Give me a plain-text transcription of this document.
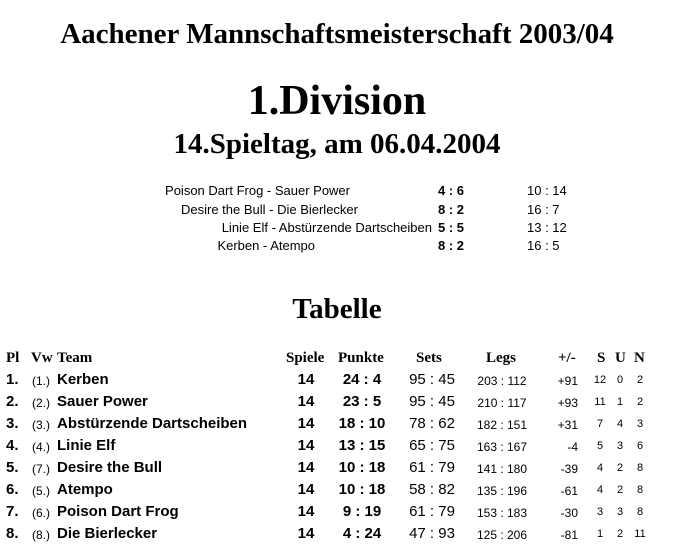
Aachener Mannschaftsmeisterschaft 2003/04
1.Division
14.Spieltag, am 06.04.2004
Poison Dart Frog - Sauer Power	4 : 6	10 : 14
Desire the Bull - Die Bierlecker	8 : 2	16 : 7
Linie Elf - Abstürzende Dartscheiben 5 : 5	13 : 12
Kerben - Atempo	8 : 2	16 : 5
Tabelle
Pl Vw Team	Spiele Punkte Sets	Legs	+/- S U N
1. (1.) Kerben	14	24 : 4	95 : 45	203 : 112	+91 12 0	2
2. (2.) Sauer Power	14	23 : 5	95 : 45	210 : 117	+93 11	1	2
3. (3.) Abstürzende Dartscheiben	14	18 : 10	78 : 62	182 : 151	+31	7	4	3
4. (4.) Linie Elf	14	13 : 15	65 : 75	163 : 167	-4	5	3	6
5. (7.) Desire the Bull	14	10 : 18	61 : 79	141 : 180	-39	4	2	8
6. (5.) Atempo	14	10 : 18	58 : 82	135 : 196	-61	4	2	8
7. (6.) Poison Dart Frog	14	9 : 19	61 : 79	153 : 183	-30	3	3	8
8. (8.) Die Bierlecker	14	4 : 24	47 : 93	125 : 206	-81	1	2	11
